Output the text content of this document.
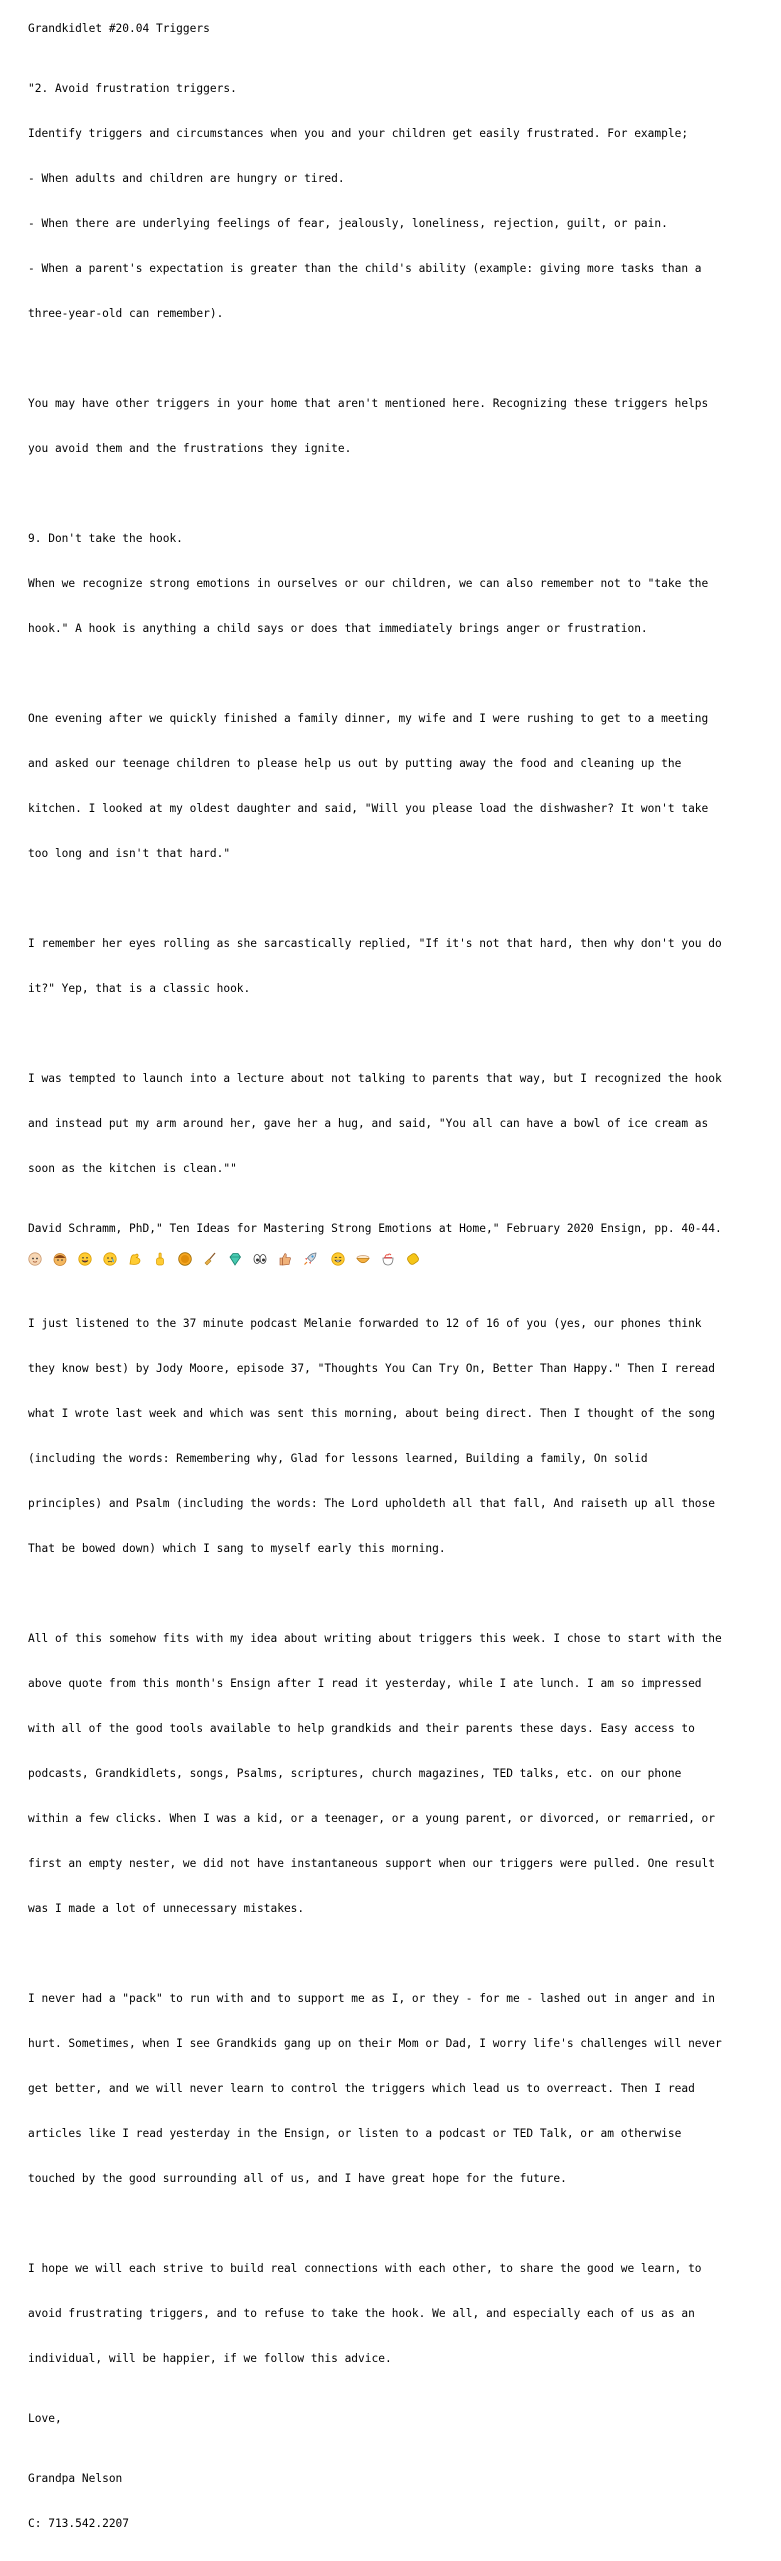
Grandkidlet #20.04 Triggers

"2. Avoid frustration triggers.

Identify triggers and circumstances when you and your children get easily frustrated. For example;

- When adults and children are hungry or tired.

- When there are underlying feelings of fear, jealously, loneliness, rejection, guilt, or pain.

- When a parent's expectation is greater than the child's ability (example: giving more tasks than a

three-year-old can remember).

You may have other triggers in your home that aren't mentioned here. Recognizing these triggers helps

you avoid them and the frustrations they ignite.

9. Don't take the hook.

When we recognize strong emotions in ourselves or our children, we can also remember not to "take the

hook." A hook is anything a child says or does that immediately brings anger or frustration.

One evening after we quickly finished a family dinner, my wife and I were rushing to get to a meeting

and asked our teenage children to please help us out by putting away the food and cleaning up the

kitchen. I looked at my oldest daughter and said, "Will you please load the dishwasher? It won't take

too long and isn't that hard."

I remember her eyes rolling as she sarcastically replied, "If it's not that hard, then why don't you do

it?" Yep, that is a classic hook.

I was tempted to launch into a lecture about not talking to parents that way, but I recognized the hook

and instead put my arm around her, gave her a hug, and said, "You all can have a bowl of ice cream as

soon as the kitchen is clean.""

David Schramm, PhD," Ten Ideas for Mastering Strong Emotions at Home," February 2020 Ensign, pp. 40-44.

I just listened to the 37 minute podcast Melanie forwarded to 12 of 16 of you (yes, our phones think

they know best) by Jody Moore, episode 37, "Thoughts You Can Try On, Better Than Happy." Then I reread

what I wrote last week and which was sent this morning, about being direct. Then I thought of the song

(including the words: Remembering why, Glad for lessons learned, Building a family, On solid

principles) and Psalm (including the words: The Lord upholdeth all that fall, And raiseth up all those

That be bowed down) which I sang to myself early this morning.

All of this somehow fits with my idea about writing about triggers this week. I chose to start with the

above quote from this month's Ensign after I read it yesterday, while I ate lunch. I am so impressed

with all of the good tools available to help grandkids and their parents these days. Easy access to

podcasts, Grandkidlets, songs, Psalms, scriptures, church magazines, TED talks, etc. on our phone

within a few clicks. When I was a kid, or a teenager, or a young parent, or divorced, or remarried, or

first an empty nester, we did not have instantaneous support when our triggers were pulled. One result

was I made a lot of unnecessary mistakes.

I never had a "pack" to run with and to support me as I, or they - for me - lashed out in anger and in

hurt. Sometimes, when I see Grandkids gang up on their Mom or Dad, I worry life's challenges will never

get better, and we will never learn to control the triggers which lead us to overreact. Then I read

articles like I read yesterday in the Ensign, or listen to a podcast or TED Talk, or am otherwise

touched by the good surrounding all of us, and I have great hope for the future.

I hope we will each strive to build real connections with each other, to share the good we learn, to

avoid frustrating triggers, and to refuse to take the hook. We all, and especially each of us as an

individual, will be happier, if we follow this advice.

Love,

Grandpa Nelson

C: 713.542.2207
